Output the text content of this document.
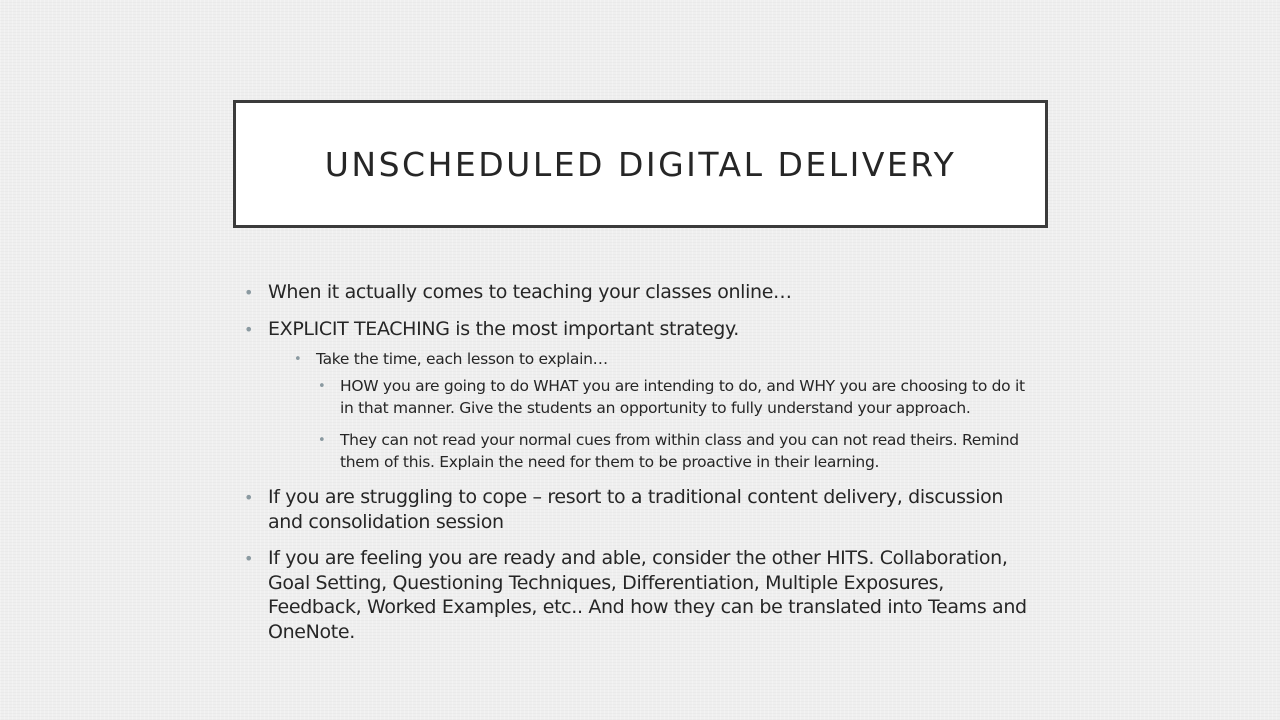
UNSCHEDULED DIGITAL DELIVERY
• When it actually comes to teaching your classes online…
• EXPLICIT TEACHING is the most important strategy.
• Take the time, each lesson to explain…
• HOW you are going to do WHAT you are intending to do, and WHY you are choosing to do it in that manner. Give the students an opportunity to fully understand your approach.
• They can not read your normal cues from within class and you can not read theirs. Remind them of this. Explain the need for them to be proactive in their learning.
• If you are struggling to cope – resort to a traditional content delivery, discussion and consolidation session
• If you are feeling you are ready and able, consider the other HITS. Collaboration, Goal Setting, Questioning Techniques, Differentiation, Multiple Exposures, Feedback, Worked Examples, etc.. And how they can be translated into Teams and OneNote.
